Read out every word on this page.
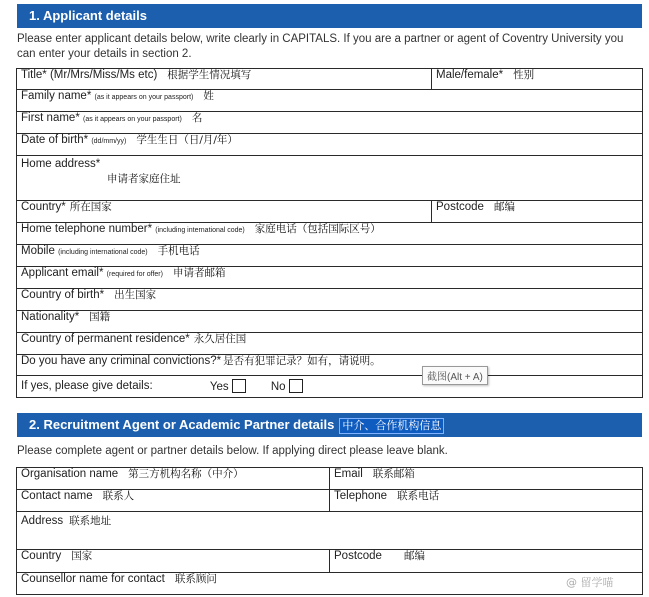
1. Applicant details
Please enter applicant details below, write clearly in CAPITALS. If you are a partner or agent of Coventry University you can enter your details in section 2.
Title* (Mr/Mrs/Miss/Ms etc) 根据学生情况填写	Male/female* 性别
Family name* (as it appears on your passport) 姓	
First name* (as it appears on your passport) 名	
Date of birth* (dd/mm/yy) 学生生日（日/月/年）	

Home address*
申请者家庭住址	

Country* 所在国家	Postcode 邮编
Home telephone number* (including international code) 家庭电话（包括国际区号）	
Mobile (including international code) 手机电话	
Applicant email* (required for offer) 申请者邮箱	
Country of birth* 出生国家	
Nationality* 国籍	
Country of permanent residence* 永久居住国	
Do you have any criminal convictions?* 是否有犯罪记录？如有，请说明。	
If yes, please give details: Yes No	
截图(Alt + A)
2. Recruitment Agent or Academic Partner details 中介、合作机构信息
Please complete agent or partner details below. If applying direct please leave blank.
Organisation name 第三方机构名称（中介）	Email 联系邮箱
Contact name 联系人	Telephone 联系电话
Address 联系地址	
Country 国家	Postcode 邮编
Counsellor name for contact 联系顾问		@ 留学喵
